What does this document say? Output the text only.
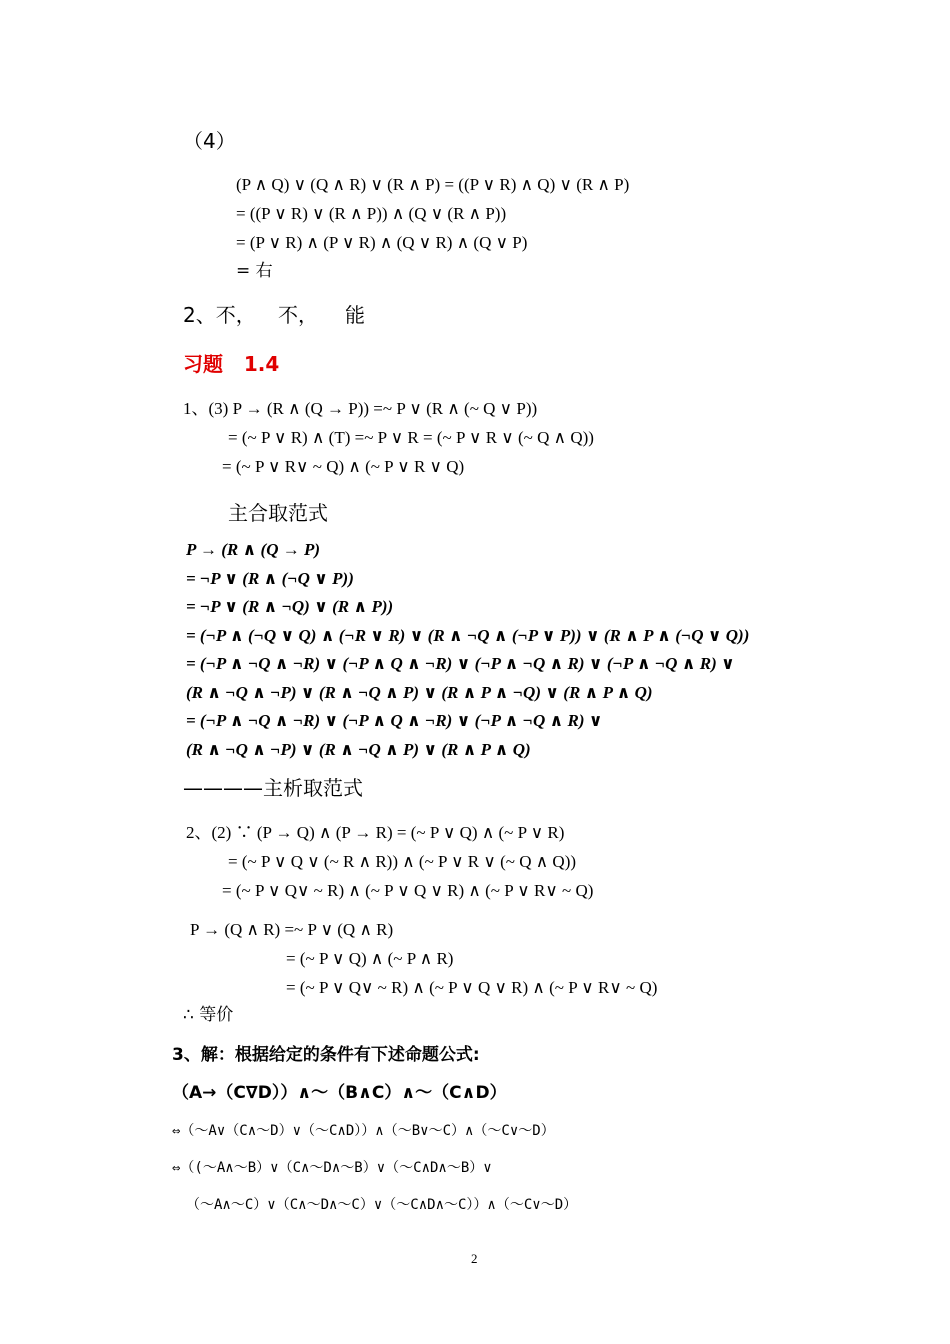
（4）
(P ∧ Q) ∨ (Q ∧ R) ∨ (R ∧ P) = ((P ∨ R) ∧ Q) ∨ (R ∧ P)
= ((P ∨ R) ∨ (R ∧ P)) ∧ (Q ∨ (R ∧ P))
= (P ∨ R) ∧ (P ∨ R) ∧ (Q ∨ R) ∧ (Q ∨ P)
= 右
2、不， 不， 能
习题 1.4
1、(3) P → (R ∧ (Q → P)) =~ P ∨ (R ∧ (~ Q ∨ P))
= (~ P ∨ R) ∧ (T) =~ P ∨ R = (~ P ∨ R ∨ (~ Q ∧ Q))
= (~ P ∨ R∨ ~ Q) ∧ (~ P ∨ R ∨ Q)
主合取范式
P → (R ∧ (Q → P)
= ¬P ∨ (R ∧ (¬Q ∨ P))
= ¬P ∨ (R ∧ ¬Q) ∨ (R ∧ P))
= (¬P ∧ (¬Q ∨ Q) ∧ (¬R ∨ R) ∨ (R ∧ ¬Q ∧ (¬P ∨ P)) ∨ (R ∧ P ∧ (¬Q ∨ Q))
= (¬P ∧ ¬Q ∧ ¬R) ∨ (¬P ∧ Q ∧ ¬R) ∨ (¬P ∧ ¬Q ∧ R) ∨ (¬P ∧ ¬Q ∧ R) ∨
(R ∧ ¬Q ∧ ¬P) ∨ (R ∧ ¬Q ∧ P) ∨ (R ∧ P ∧ ¬Q) ∨ (R ∧ P ∧ Q)
= (¬P ∧ ¬Q ∧ ¬R) ∨ (¬P ∧ Q ∧ ¬R) ∨ (¬P ∧ ¬Q ∧ R) ∨
(R ∧ ¬Q ∧ ¬P) ∨ (R ∧ ¬Q ∧ P) ∨ (R ∧ P ∧ Q)
————主析取范式
2、(2) ∵ (P → Q) ∧ (P → R) = (~ P ∨ Q) ∧ (~ P ∨ R)
= (~ P ∨ Q ∨ (~ R ∧ R)) ∧ (~ P ∨ R ∨ (~ Q ∧ Q))
= (~ P ∨ Q∨ ~ R) ∧ (~ P ∨ Q ∨ R) ∧ (~ P ∨ R∨ ~ Q)
P → (Q ∧ R) =~ P ∨ (Q ∧ R)
= (~ P ∨ Q) ∧ (~ P ∧ R)
= (~ P ∨ Q∨ ~ R) ∧ (~ P ∨ Q ∨ R) ∧ (~ P ∨ R∨ ~ Q)
∴ 等价
3、解：根据给定的条件有下述命题公式:
（A→（C∇D））∧～（B∧C）∧～（C∧D）
⇔（～A∨（C∧～D）∨（～C∧D））∧（～B∨～C）∧（～C∨～D）
⇔（(～A∧～B）∨（C∧～D∧～B）∨（～C∧D∧～B）∨
（～A∧～C）∨（C∧～D∧～C）∨（～C∧D∧～C））∧（～C∨～D）
2
